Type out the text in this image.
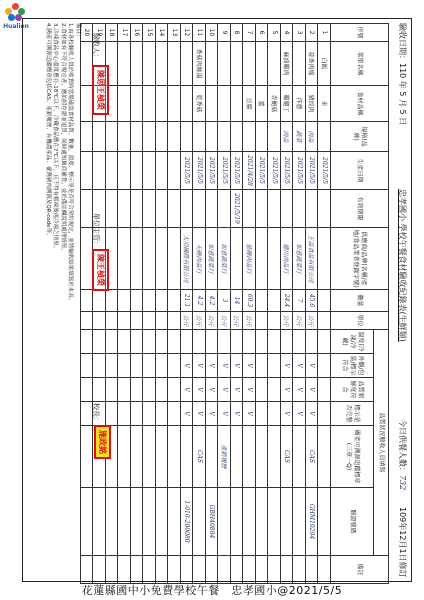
Hualien	驗收日期：110 年 5 月 5 日
忠孝國小 學校午餐食材驗收紀錄表(生鮮類)
今日供餐人數：732
109年12月1日修訂
序號	菜單名稱	食材品稱	規格(品牌)	生產日期	有效期限	供應商/品牌(名稱/產地/食品業者登錄字號)	數量	單位	品質狀況驗收人員填寫						備註
									溫度(冷凍/冷藏)	外觀/包裝/標示符合	品質新鮮度符合	標示是否完整	國產可溯源追蹤標章(三章一Q)	驗證號碼	
1	白飯	米		2021/5/5											
2	蒜香肉燥	豬絞肉	肉品	2021/5/5		王品食品有限公司	45.6	公斤		V	V	V	CAS	GHM10204	
3		洋蔥	蔬菜	2021/5/5		如意蔬菜行	7	公斤		V	V	V			
4	麻油雞肉	雞腿丁	肉品	2021/5/5		德川肉品行	24.4	公斤		V	V	V	CAS		
5		杏鮑菇		2021/5/5											
6		薑		2021/5/5											
7		豆腐		2021/4/28		慈暉肉品行	60.3	公斤		V	V	V			
8				2021/5/5	2021/5/19		14	公斤		V	V	V			
9				2021/5/5		如意蔬菜行	3	公斤		V	V	V	產銷履歷		
10				2021/5/5		如意蔬菜行	4.2	公斤		V	V	V		GBH40804	
11	香菇肉絲湯	乾香菇		2021/5/5		天曉肉品行	4.2	公斤		V	V	V	CAS		
12				2021/5/5		大羽國際有限公司	21.1	公斤		V	V	V		1-010-200080	
13															
14															
15															
16															
17															
18															
19															
20															
驗收人：
單位主管：
校長：
備註：
1.由各校驗收人員於收貨時當場確認食材品質、數量、溫度、標示等是否符合契約規定，並將驗收結果填寫於本表。
2.食材如有不符合規定者，應拍照存證並退貨，同時通知廠商補貨，並於備註欄說明處理情形。
3.冷凍食品中心溫度應在-18℃以下，冷藏食品應在7℃以下，且不得有解凍後再冷凍之情形。
4.國產可溯源追蹤標章包括CAS、產銷履歷、有機農產品、臺灣豬肉溯源及QR-code等。	陳思王楨榮
陳王楨榮
施政銘
花蓮縣國中小免費學校午餐　忠孝國小@2021/5/5
